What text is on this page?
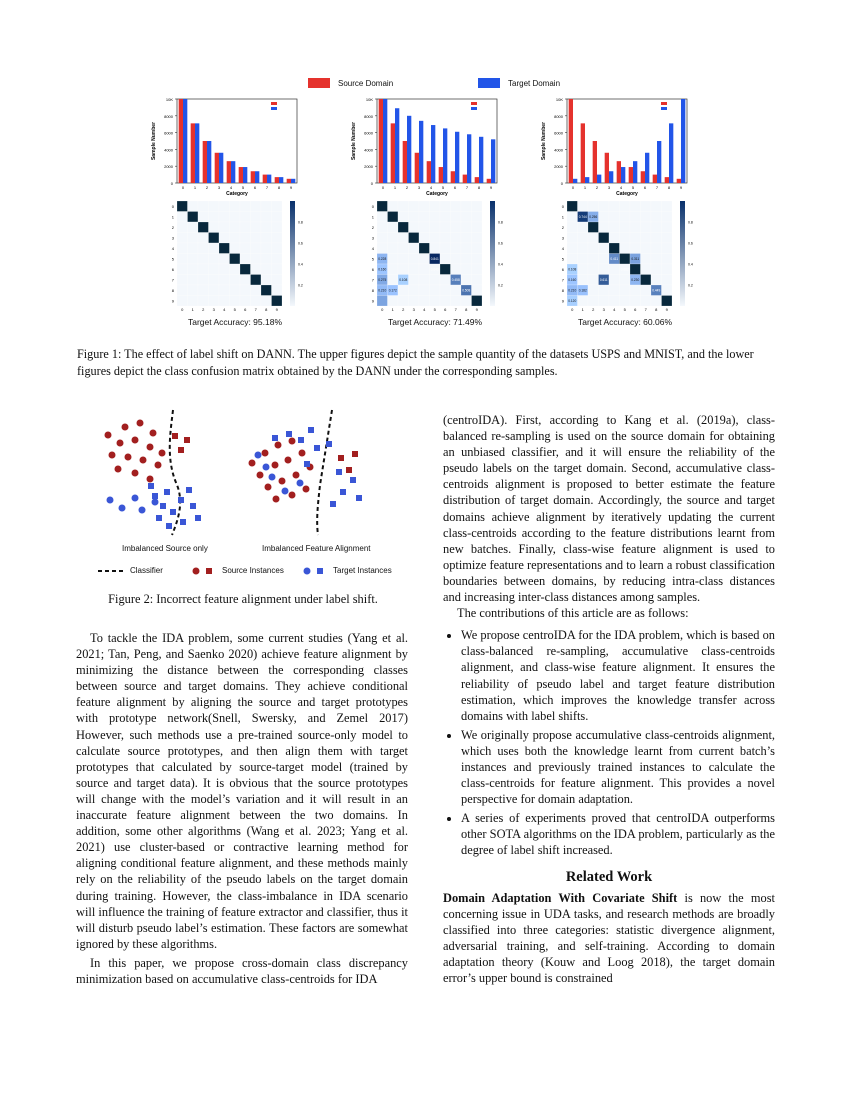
Source Domain	Target Domain
0
2000
4000
6000
8000
10K
0 1 2 3 4 5 6 7 8 9
Category
Sample Number
0
0
1
1
2
2
3
3
4
4
5
5
6
6
7
7
8
8
9
9
0.2
0.4
0.6
0.8
Target Accuracy: 95.18%
0
2000
4000
6000
8000
10K
0 1 2 3 4 5 6 7 8 9
Category
Sample Number
0
0
1
1
2
2
3
3
4
4
5
5
6
6
7
7
8
8
9
9
0.228
0.160
0.275	0.108
0.210 0.172
0.841
0.649
0.458
0.508
0.2
0.4
0.6
0.8
Target Accuracy: 71.49%
0
2000
4000
6000
8000
10K
0 1 2 3 4 5 6 7 8 9
Category
Sample Number
0
0
1
1
2
2
3
3
4
4
5
5
6
6
7
7
8
8
9
9
0.744 0.256
0.411	0.311
0.108	0.662
0.160	0.611	0.230
0.210 0.182	0.449
0.120
0.2
0.4
0.6
0.8
Target Accuracy: 60.06%
Figure 1: The effect of label shift on DANN. The upper figures depict the sample quantity of the datasets USPS and MNIST, and the lower figures depict the class confusion matrix obtained by the DANN under the corresponding samples.
Imbalanced Source only	Imbalanced Feature Alignment
Classifier	Source Instances	Target Instances
Figure 2: Incorrect feature alignment under label shift.

To tackle the IDA problem, some current studies (Yang et al. 2021; Tan, Peng, and Saenko 2020) achieve feature alignment by minimizing the distance between the corresponding classes between source and target domains. They achieve conditional feature alignment by aligning the source and target prototypes with prototype network(Snell, Swersky, and Zemel 2017) However, such methods use a pre-trained source-only model to calculate source prototypes, and then align them with target prototypes that calculated by source-target model (trained by source and target data). It is obvious that the source prototypes will change with the model’s variation and it will result in an inaccurate feature alignment between the two domains. In addition, some other algorithms (Wang et al. 2023; Yang et al. 2021) use cluster-based or contractive learning method for aligning conditional feature alignment, and these methods mainly rely on the reliability of the pseudo labels on the target domain during training. However, the class-imbalance in IDA scenario will influence the training of feature extractor and classifier, thus it will disturb pseudo label’s estimation. These factors are somewhat ignored by these algorithms.

In this paper, we propose cross-domain class discrepancy minimization based on accumulative class-centroids for IDA

(centroIDA). First, according to Kang et al. (2019a), class-balanced re-sampling is used on the source domain for obtaining an unbiased classifier, and it will ensure the reliability of the pseudo labels on the target domain. Second, accumulative class-centroids alignment is proposed to better estimate the feature distribution of target domain. Accordingly, the source and target domains achieve alignment by iteratively updating the current class-centroids according to the feature distributions learnt from new batches. Finally, class-wise feature alignment is used to optimize feature representations and to learn a robust classification boundaries between domains, by reducing intra-class distances and increasing inter-class distances among samples.

The contributions of this article are as follows:

• We propose centroIDA for the IDA problem, which is based on class-balanced re-sampling, accumulative class-centroids alignment, and class-wise feature alignment. It ensures the reliability of pseudo label and target feature distribution estimation, which improves the knowledge transfer across domains with label shifts.
• We originally propose accumulative class-centroids alignment, which uses both the knowledge learnt from current batch’s instances and previously trained instances to calculate the class-centroids for feature alignment. This provides a novel perspective for domain adaptation.
• A series of experiments proved that centroIDA outperforms other SOTA algorithms on the IDA problem, particularly as the degree of label shift increased.
Related Work

Domain Adaptation With Covariate Shift is now the most concerning issue in UDA tasks, and research methods are broadly classified into three categories: statistic divergence alignment, adversarial training, and self-training. According to domain adaptation theory (Kouw and Loog 2018), the target domain error’s upper bound is constrained
